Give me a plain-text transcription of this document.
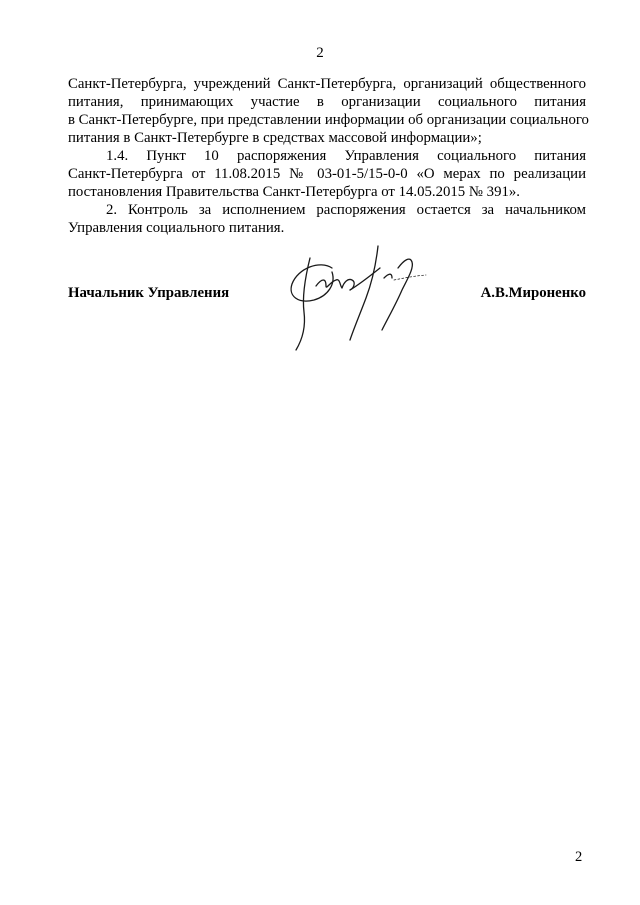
2
Санкт-Петербурга, учреждений Санкт-Петербурга, организаций общественного
питания, принимающих участие в организации социального питания
в Санкт-Петербурге, при представлении информации об организации социального
питания в Санкт-Петербурге в средствах массовой информации»;
1.4. Пункт 10 распоряжения Управления социального питания
Санкт-Петербурга от 11.08.2015 № 03-01-5/15-0-0 «О мерах по реализации
постановления Правительства Санкт-Петербурга от 14.05.2015 № 391».
2. Контроль за исполнением распоряжения остается за начальником
Управления социального питания.
Начальник Управления	А.В.Мироненко
2
